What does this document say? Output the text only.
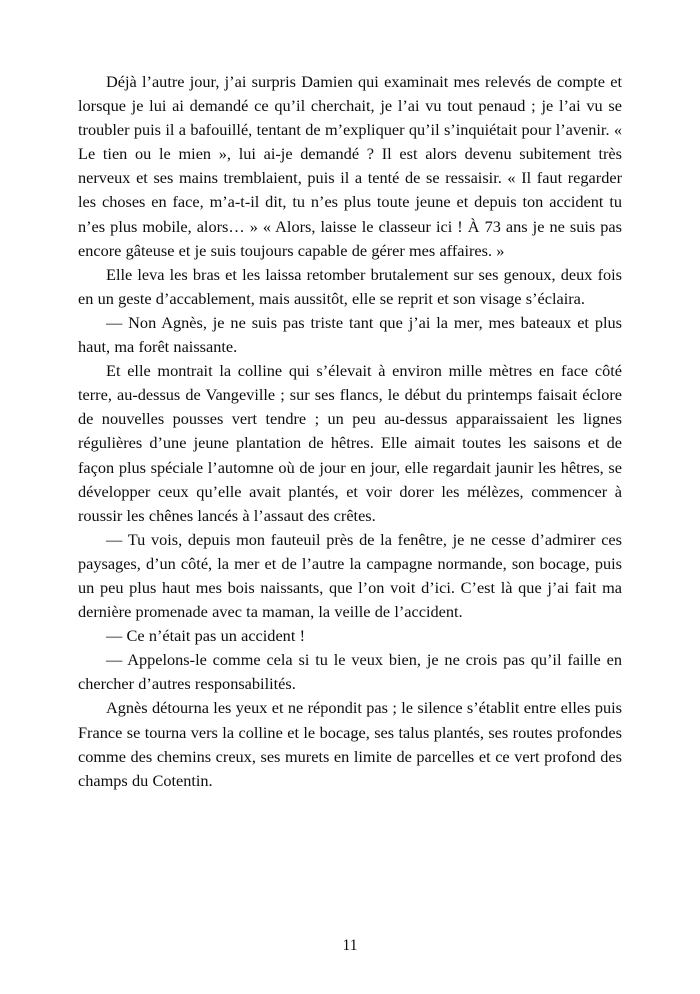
Déjà l’autre jour, j’ai surpris Damien qui examinait mes relevés de compte et lorsque je lui ai demandé ce qu’il cherchait, je l’ai vu tout penaud ; je l’ai vu se troubler puis il a bafouillé, tentant de m’expliquer qu’il s’inquiétait pour l’avenir. « Le tien ou le mien », lui ai-je demandé ? Il est alors devenu subitement très nerveux et ses mains tremblaient, puis il a tenté de se ressaisir. « Il faut regarder les choses en face, m’a-t-il dit, tu n’es plus toute jeune et depuis ton accident tu n’es plus mobile, alors… » « Alors, laisse le classeur ici ! À 73 ans je ne suis pas encore gâteuse et je suis toujours capable de gérer mes affaires. »

Elle leva les bras et les laissa retomber brutalement sur ses genoux, deux fois en un geste d’accablement, mais aussitôt, elle se reprit et son visage s’éclaira.

— Non Agnès, je ne suis pas triste tant que j’ai la mer, mes bateaux et plus haut, ma forêt naissante.

Et elle montrait la colline qui s’élevait à environ mille mètres en face côté terre, au-dessus de Vangeville ; sur ses flancs, le début du printemps faisait éclore de nouvelles pousses vert tendre ; un peu au-dessus apparaissaient les lignes régulières d’une jeune plantation de hêtres. Elle aimait toutes les saisons et de façon plus spéciale l’automne où de jour en jour, elle regardait jaunir les hêtres, se développer ceux qu’elle avait plantés, et voir dorer les mélèzes, commencer à roussir les chênes lancés à l’assaut des crêtes.

— Tu vois, depuis mon fauteuil près de la fenêtre, je ne cesse d’admirer ces paysages, d’un côté, la mer et de l’autre la campagne normande, son bocage, puis un peu plus haut mes bois naissants, que l’on voit d’ici. C’est là que j’ai fait ma dernière promenade avec ta maman, la veille de l’accident.

— Ce n’était pas un accident !

— Appelons-le comme cela si tu le veux bien, je ne crois pas qu’il faille en chercher d’autres responsabilités.

Agnès détourna les yeux et ne répondit pas ; le silence s’établit entre elles puis France se tourna vers la colline et le bocage, ses talus plantés, ses routes profondes comme des chemins creux, ses murets en limite de parcelles et ce vert profond des champs du Cotentin.

11
